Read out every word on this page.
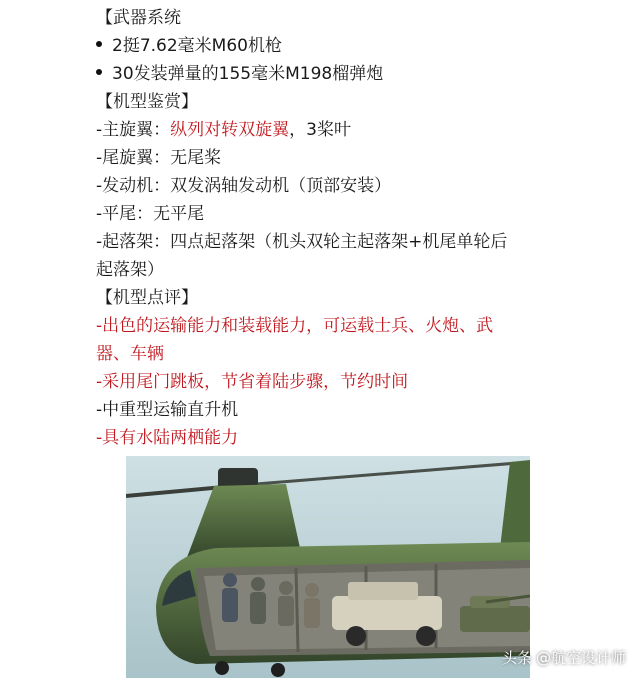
【武器系统
2挺7.62毫米M60机枪
30发装弹量的155毫米M198榴弹炮
【机型鉴赏】
-主旋翼：纵列对转双旋翼，3桨叶
-尾旋翼：无尾桨
-发动机：双发涡轴发动机（顶部安装）
-平尾：无平尾
-起落架：四点起落架（机头双轮主起落架+机尾单轮后
起落架）
【机型点评】
-出色的运输能力和装载能力，可运载士兵、火炮、武
器、车辆
-采用尾门跳板，节省着陆步骤，节约时间
-中重型运输直升机
-具有水陆两栖能力
头条 @航空设计师
